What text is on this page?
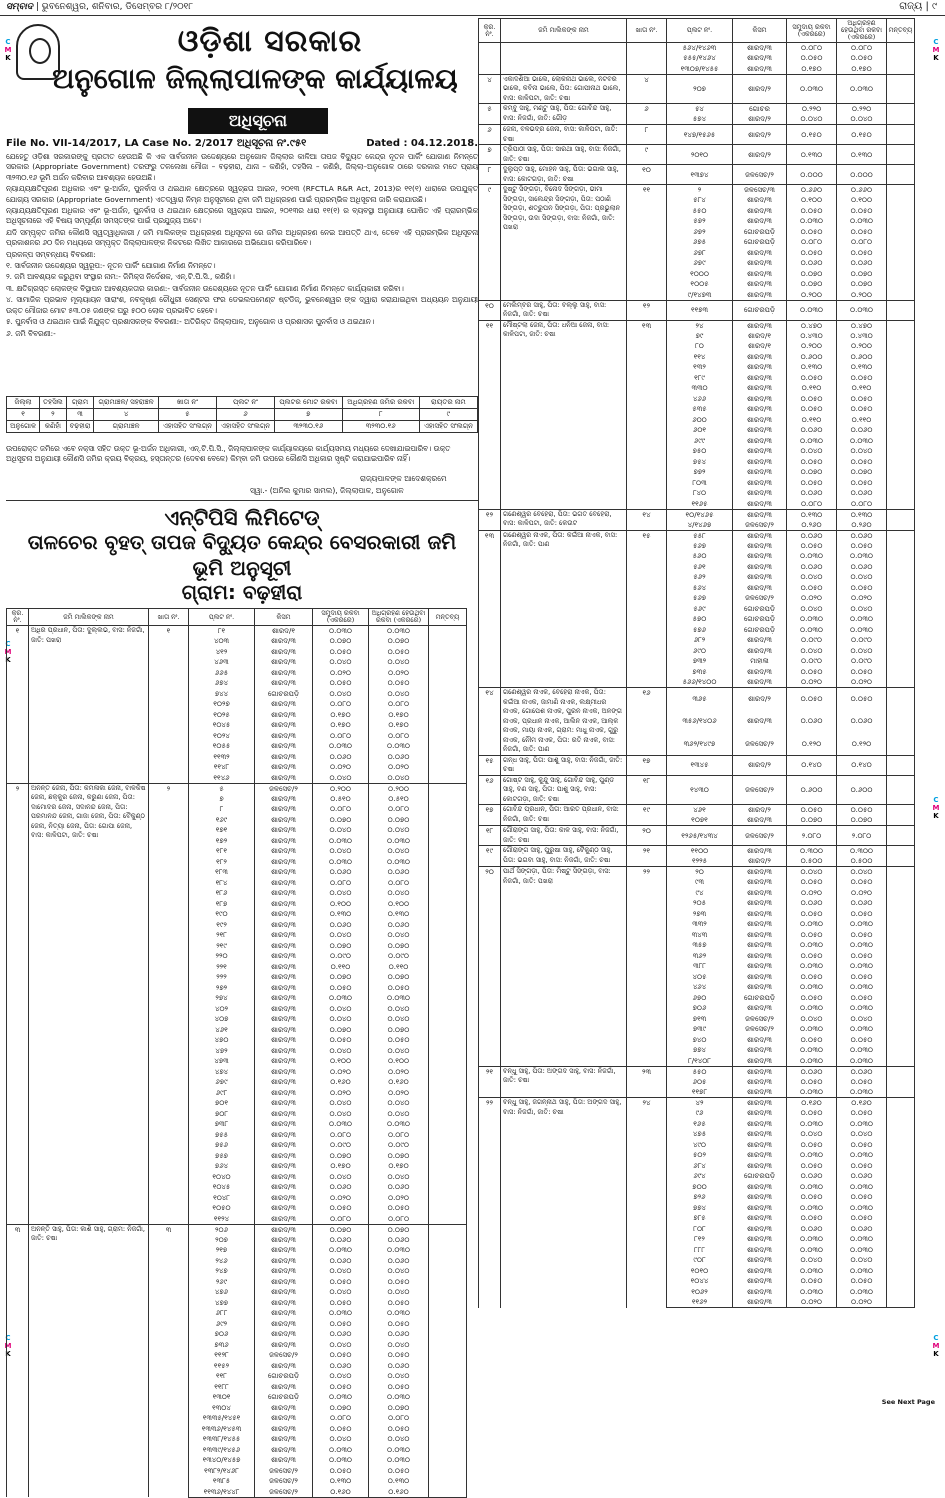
ସମ୍ବାଦ | ଭୁବନେଶ୍ୱର, ଶନିବାର, ଡିସେମ୍ବର ୮/୨୦୧୮	ରାଜ୍ୟ | ୯
C
M
K
C
M
K
C
M
K
C
M
K
C
M
K
C
M
K
ଓଡ଼ିଶା ସରକାର
ଅନୁଗୋଳ ଜିଲ୍ଲାପାଳଙ୍କ କାର୍ଯ୍ୟାଳୟ
ଅଧିସୂଚନା
File No. VII-14/2017, LA Case No. 2/2017 ଅଧିସୂଚନା ନଂ.୯୫୧	Dated : 04.12.2018.

ଯେହେତୁ ଓଡ଼ିଶା ସରକାରଙ୍କୁ ପ୍ରତୀତ ହେଉଅଛି କି ଏକ ସାର୍ବଜନୀନ ଉଦ୍ଦେଶ୍ୟରେ ଅନୁଗୋଳ ଜିଲ୍ଲାର କାଳିଆ ତାପଜ ବିଦ୍ୟୁତ କେନ୍ଦ୍ର ନୂତନ ପାର୍କିଂ ଯୋଗାଣ ନିମନ୍ତେ ସରକାର (Appropriate Government) ତରଫରୁ ତଳଲେଖା ମୌଜା – ବଢ଼ହୀରା, ଥାନା – କଣିହାଁ, ତହସିଲ – କଣିହାଁ, ଜିଲ୍ଲା–ଅନୁଗୋଳ ଠାରେ ଦରକାର ମତେ ପ୍ରାୟ ୩୨୩୦.୧୬ ଭୂମି ଅର୍ଜନ କରିବାର ଆବଶ୍ୟକ ହେଉଅଛି।

ନ୍ୟାଯ୍ୟକ୍ଷତିପୂରଣ ଅଧିକାର ଏବଂ ଭୂ-ଅର୍ଜନ, ପୁନର୍ବାସ ଓ ଥଇଥାନ କ୍ଷେତ୍ରରେ ସ୍ୱଚ୍ଛତା ଆଇନ, ୨୦୧୩ (RFCTLA R&R Act, 2013)ର ୧୧(୧) ଧାରାରେ ଉପଯୁକ୍ତ ଯୋଗ୍ୟ ସରକାର (Appropriate Government) ଏତଦ୍ୱାରା ନିମ୍ନ ଅନୁସୂଚୀରେ ଥିବା ଜମି ଅଧିଗ୍ରହଣ ପାଇଁ ପ୍ରାରମ୍ଭିକ ଅଧିସୂଚନା ଜାରି କରାଯାଉଛି।

ନ୍ୟାଯ୍ୟକ୍ଷତିପୂରଣ ଅଧିକାର ଏବଂ ଭୂ-ଅର୍ଜନ, ପୁନର୍ବାସ ଓ ଥଇଥାନ କ୍ଷେତ୍ରରେ ସ୍ୱଚ୍ଛତା ଆଇନ, ୨୦୧୩ର ଧାରା ୧୧(୧) ର ବ୍ୟବସ୍ଥା ଅନୁଯାୟୀ ଘୋଷିତ ଏହି ପ୍ରାରମ୍ଭିକ ଅଧିସୂଚନାରେ ଏହି ବିଷୟ ସମ୍ପୂର୍ଣ୍ଣ ସମସ୍ତଙ୍କ ପାଇଁ ପ୍ରଯୁଜ୍ୟ ଅଟେ।

ଯଦି ସମ୍ପୃକ୍ତ ଜମିର କୌଣସି ସ୍ୱତ୍ୱାଧିକାରୀ / ଜମି ମାଲିକଙ୍କ ଅଧିଗ୍ରହଣ ଅଧିସୂଚନା ରେ ଜମିର ଅଧିଗ୍ରହଣ ନେଇ ଆପତ୍ତି ଥାଏ, ତେବେ ଏହି ପ୍ରାରମ୍ଭିକ ଅଧିସୂଚନା ପ୍ରକାଶନର ୬୦ ଦିନ ମଧ୍ୟରେ ସମ୍ପୃକ୍ତ ଜିଲ୍ଲାପାଳଙ୍କ ନିକଟରେ ଲିଖିତ ଆକାରରେ ଅଭିଯୋଗ କରିପାରିବେ।

ପ୍ରକଳ୍ପ ସମ୍ବନ୍ଧୀୟ ବିବରଣୀ:

୧. ସାର୍ବଜନୀନ ଉଦ୍ଦେଶ୍ୟର ସ୍ୱରୂପ:- ନୂତନ ପାର୍କିଂ ଯୋଗାଣ ନିର୍ମାଣ ନିମନ୍ତେ।

୨. ଜମି ଆବଶ୍ୟକ କରୁଥିବା ସଂସ୍ଥାର ନାମ:- ଜିମିକ୍ସ ନିର୍ଦେଶକ, ଏନ୍.ଟି.ପି.ସି., କଣିହାଁ।

୩. କ୍ଷତିଗ୍ରସ୍ତ ଲୋକଙ୍କ ବିସ୍ଥାପନ ଆବଶ୍ୟକତାର କାରଣ:- ସାର୍ବଜନୀନ ଉଦ୍ଦେଶ୍ୟରେ ନୂତନ ପାର୍କିଂ ଯୋଗାଣ ନିର୍ମାଣ ନିମନ୍ତେ କାର୍ଯ୍ୟକାରୀ କରିବା।

୪. ସାମାଜିକ ପ୍ରଭାବ ମୂଲ୍ୟାୟନ ସାରାଂଶ, ନବକୃଷ୍ଣ ଚୌଧୁରୀ ସେଣ୍ଟର ଫର ଡେଭଲପମେଣ୍ଟ ଷ୍ଟଡିଜ୍, ଭୁବନେଶ୍ୱର ଙ୍କ ଦ୍ୱାରା କରାଯାଇଥିବା ଅଧ୍ୟୟନ ଅନୁଯାୟୀ ଉକ୍ତ ମୌଜାର ମୋଟ ୫୩.୦୫ ଜଣଙ୍କ ଘରୁ ୫୦୦ ଲୋକ ପ୍ରଭାବିତ ହେବେ।

୫. ପୁନର୍ବାସ ଓ ଥଇଥାନ ପାଇଁ ନିଯୁକ୍ତ ପ୍ରଶାସକଙ୍କ ବିବରଣୀ:- ଅତିରିକ୍ତ ଜିଲ୍ଲାପାଳ, ଅନୁଗୋଳ ଓ ପ୍ରଶାସକ ପୁନର୍ବାସ ଓ ଥଇଥାନ।

୬. ଜମି ବିବରଣୀ:-

ଜିଲ୍ଲା	ତହସିଲ	ଗ୍ରାମ	ଗ୍ରାମାଞ୍ଚଳ/ ସହରାଞ୍ଚଳ	ଖାତା ନଂ	ପ୍ଲଟ ନଂ	ପ୍ଲଟର ମୋଟ ରକବା	ଅଧିଗ୍ରହଣ ଜମିର ରକବା	ରାୟତର ନାମ
୧	୨	୩	୪	୫	୬	୭	୮	୯
ଅନୁଗୋଳ	କଣିହାଁ	ବଢ଼ହୀରା	ଗ୍ରାମାଞ୍ଚଳ	ଏହାସହିତ ସଂଲଗ୍ନ	ଏହାସହିତ ସଂଲଗ୍ନ	୩୨୩୦.୧୬	୩୨୩୦.୧୬	ଏହାସହିତ ସଂଲଗ୍ନ
ଉପରୋକ୍ତ ଜମିରେ ଏବେ ନକ୍ସା ସହିତ ଉକ୍ତ ଭୂ-ଅର୍ଜନ ଅଧିକାରୀ, ଏନ୍.ଟି.ପି.ସି., ଜିଲ୍ଲାପାଳଙ୍କ କାର୍ଯ୍ୟାଳୟରେ କାର୍ଯ୍ୟସମୟ ମଧ୍ୟରେ ଦେଖାଯାଇପାରିବ। ଉକ୍ତ ଅଧିସୂଚନା ଅନୁଯାୟୀ କୌଣସି ଜମିର କ୍ରୟ ବିକ୍ରୟ, ହସ୍ତାନ୍ତର (ଦେବଶ ବେଳେ) କିମ୍ବା ଜମି ଉପରେ କୌଣସି ଅଧିକାର ସୃଷ୍ଟି କରାଯାଇପାରିବ ନାହିଁ।
ରାଜ୍ୟପାଳଙ୍କ ଆଦେଶକ୍ରମେ
ସ୍ୱା.- (ଅନିଲ କୁମାର ସାମଲ), ଜିଲ୍ଲାପାଳ, ଅନୁଗୋଳ
ଏନ୍ଟିପିସି ଲିମିଟେଡ୍
ତାଳଚେର ବୃହତ୍ ତାପଜ ବିଦ୍ୟୁତ କେନ୍ଦ୍ର ବେସରକାରୀ ଜମି
ଭୂମି ଅନୁସୂଚୀ
ଗ୍ରାମ: ବଢ଼ହୀରା
କ୍ର. ନଂ.	ଜମି ମାଲିକଙ୍କ ନାମ	ଖାତା ନଂ.	ପ୍ଲଟ ନଂ.	କିସମ	ସମୁଦାୟ ରକବା (ଏକରରେ)	ଅଧିଗ୍ରହଣ ହେଉଥିବା ରକବା (ଏକରରେ)	ମନ୍ତବ୍ୟ
୧	ଅଧିର ପ୍ରଧାନ, ପିତା: ଦୁଲ୍ଲଭ, ବାସ: ନିଜଗାଁ, ଜାତି: ପଖରା	୧	୮୧	ଶାରଦ/୧	୦.୦୩୦	୦.୦୩୦	
			୪୦୩	ଶାରଦ/୩	୦.୦୭୦	୦.୦୭୦	
			୪୧୨	ଶାରଦ/୩	୦.୦୫୦	୦.୦୫୦	
			୪୬୩	ଶାରଦ/୩	୦.୦୪୦	୦.୦୪୦	
			୬୬୫	ଶାରଦ/୩	୦.୦୨୦	୦.୦୨୦	
			୬୭୪	ଶାରଦ/୩	୦.୦୫୦	୦.୦୫୦	
			୭୪୪	ଗୋଚରପଡ଼ି	୦.୦୪୦	୦.୦୪୦	
			୧୦୨୭	ଶାରଦ/୩	୦.୦୮୦	୦.୦୮୦	
			୧୦୨୫	ଶାରଦ/୩	୦.୧୭୦	୦.୧୭୦	
			୧୦୪୫	ଶାରଦ/୩	୦.୧୭୦	୦.୧୭୦	
			୧୦୨୪	ଶାରଦ/୩	୦.୦୮୦	୦.୦୮୦	
			୧୦୫୫	ଶାରଦ/୩	୦.୦୩୦	୦.୦୩୦	
			୧୧୩୨	ଶାରଦ/୩	୦.୦୬୦	୦.୦୬୦	
			୧୧୪୮	ଶାରଦ/୩	୦.୦୨୦	୦.୦୨୦	
			୧୧୪୬	ଶାରଦ/୩	୦.୦୪୦	୦.୦୪୦	
୨	ଅନନ୍ତ ଜେନା, ପିତା: କମଳାକା ଜେନା, ବାଳକିଷ ଜେନା, ଛକ୍କୁର ଜେନା, କରୁଣା ଜେନା, ପିତା: ଦାମୋଦର ଜେନା, ସଦାନନ୍ଦ ଜେନା, ପିତା: ପରମାନନ୍ଦ ଜେନା, ଗାଜା ଜେନା, ପିତା: ବୈକୁଣ୍ଠ ଜେନା, ନିତ୍ୟା ଜେନା, ପିତା: ଗୋପା ଜେନା, ବାସ: କାଳିପଟା, ଜାତି: ଚଷା	୨	୫	ଜଳସେଚ/୨	୦.୨୦୦	୦.୨୦୦	
			୭	ଶାରଦ/୩	୦.୫୧୦	୦.୫୧୦	
			୮	ଶାରଦ/୩	୦.୦୮୦	୦.୦୮୦	
			୧୬୯	ଶାରଦ/୩	୦.୦୭୦	୦.୦୭୦	
			୧୭୧	ଶାରଦ/୩	୦.୦୪୦	୦.୦୪୦	
			୧୭୨	ଶାରଦ/୩	୦.୦୩୦	୦.୦୩୦	
			୧୮୧	ଶାରଦ/୩	୦.୦୪୦	୦.୦୪୦	
			୧୮୨	ଶାରଦ/୩	୦.୦୩୦	୦.୦୩୦	
			୧୮୩	ଶାରଦ/୩	୦.୦୬୦	୦.୦୬୦	
			୧୮୪	ଶାରଦ/୩	୦.୦୮୦	୦.୦୮୦	
			୧୮୬	ଶାରଦ/୩	୦.୦୪୦	୦.୦୪୦	
			୧୮୭	ଶାରଦ/୩	୦.୧୦୦	୦.୧୦୦	
			୧୯୦	ଶାରଦ/୩	୦.୧୩୦	୦.୧୩୦	
			୧୯୨	ଶାରଦ/୩	୦.୦୬୦	୦.୦୬୦	
			୨୧୮	ଶାରଦ/୩	୦.୦୪୦	୦.୦୪୦	
			୨୧୯	ଶାରଦ/୩	୦.୦୭୦	୦.୦୭୦	
			୨୨୦	ଶାରଦ/୩	୦.୦୯୦	୦.୦୯୦	
			୨୨୧	ଶାରଦ/୩	୦.୧୧୦	୦.୧୧୦	
			୨୨୨	ଶାରଦ/୩	୦.୦୭୦	୦.୦୭୦	
			୨୭୨	ଶାରଦ/୩	୦.୦୫୦	୦.୦୫୦	
			୨୭୪	ଶାରଦ/୩	୦.୦୩୦	୦.୦୩୦	
			୪୦୨	ଶାରଦ/୩	୦.୦୪୦	୦.୦୪୦	
			୪୦୭	ଶାରଦ/୩	୦.୦୪୦	୦.୦୪୦	
			୪୬୧	ଶାରଦ/୩	୦.୦୭୦	୦.୦୭୦	
			୪୭୦	ଶାରଦ/୩	୦.୦୫୦	୦.୦୫୦	
			୪୭୨	ଶାରଦ/୩	୦.୦୪୦	୦.୦୪୦	
			୪୭୩	ଶାରଦ/୩	୦.୧୦୦	୦.୧୦୦	
			୪୭୪	ଶାରଦ/୩	୦.୦୨୦	୦.୦୨୦	
			୬୭୯	ଶାରଦ/୩	୦.୧୬୦	୦.୧୬୦	
			୬୯୮	ଶାରଦ/୩	୦.୦୨୦	୦.୦୨୦	
			୭୦୧	ଶାରଦ/୩	୦.୦୪୦	୦.୦୪୦	
			୭୦୮	ଶାରଦ/୩	୦.୦୪୦	୦.୦୪୦	
			୭୩୮	ଶାରଦ/୩	୦.୦୩୦	୦.୦୩୦	
			୭୫୫	ଶାରଦ/୩	୦.୦୮୦	୦.୦୮୦	
			୭୫୬	ଶାରଦ/୩	୦.୦୯୦	୦.୦୯୦	
			୭୫୭	ଶାରଦ/୩	୦.୦୭୦	୦.୦୭୦	
			୭୬୪	ଶାରଦ/୩	୦.୧୭୦	୦.୧୭୦	
			୧୦୪୦	ଶାରଦ/୩	୦.୦୪୦	୦.୦୪୦	
			୧୦୪୫	ଶାରଦ/୩	୦.୦୬୦	୦.୦୬୦	
			୧୦୪୮	ଶାରଦ/୩	୦.୦୨୦	୦.୦୨୦	
			୧୦୫୦	ଶାରଦ/୩	୦.୦୫୦	୦.୦୫୦	
			୧୧୨୪	ଶାରଦ/୩	୦.୦୮୦	୦.୦୮୦	
୩	ଅନନ୍ତି ସାହୁ, ପିତା: କାଶି ସାହୁ, ଗ୍ରାମ: ନିଜଗାଁ, ଜାତି: ଚଷା	୩	୨୦୬	ଶାରଦ/୩	୦.୦୭୦	୦.୦୭୦	
			୨୦୭	ଶାରଦ/୩	୦.୦୬୦	୦.୦୬୦	
			୨୧୭	ଶାରଦ/୩	୦.୦୩୦	୦.୦୩୦	
			୨୪୬	ଶାରଦ/୩	୦.୦୬୦	୦.୦୬୦	
			୨୪୭	ଶାରଦ/୩	୦.୦୪୦	୦.୦୪୦	
			୨୬୯	ଶାରଦ/୩	୦.୦୫୦	୦.୦୫୦	
			୪୭୬	ଶାରଦ/୩	୦.୦୪୦	୦.୦୪୦	
			୪୭୭	ଶାରଦ/୩	୦.୦୫୦	୦.୦୫୦	
			୬୮୮	ଶାରଦ/୩	୦.୦୩୦	୦.୦୩୦	
			୬୯୨	ଶାରଦ/୩	୦.୦୫୦	୦.୦୫୦	
			୭୦୬	ଶାରଦ/୩	୦.୦୬୦	୦.୦୬୦	
			୭୩୬	ଶାରଦ/୩	୦.୦୪୦	୦.୦୪୦	
			୧୧୨୮	ଜଳସେଚ/୨	୦.୦୫୦	୦.୦୫୦	
			୧୧୫୨	ଶାରଦ/୩	୦.୦୬୦	୦.୦୬୦	
			୧୧୮	ଗୋଚରପଡ଼ି	୦.୦୪୦	୦.୦୪୦	
			୧୧୮୮	ଶାରଦ/୩	୦.୦୫୦	୦.୦୫୦	
			୧୩୦୧	ଗୋଚରପଡ଼ି	୦.୦୩୦	୦.୦୩୦	
			୧୩୦୪	ଶାରଦ/୩	୦.୦୭୦	୦.୦୭୦	
			୧୩୩୫/୧୪୫୧	ଶାରଦ/୩	୦.୦୮୦	୦.୦୮୦	
			୧୩୩୬/୧୪୫୩	ଶାରଦ/୩	୦.୦୫୦	୦.୦୫୦	
			୧୩୩୮/୧୪୫୫	ଶାରଦ/୩	୦.୦୪୦	୦.୦୪୦	
			୧୩୩୯/୧୪୫୬	ଶାରଦ/୩	୦.୦୩୦	୦.୦୩୦	
			୧୩୪୦/୧୪୫୭	ଶାରଦ/୩	୦.୦୩୦	୦.୦୩୦	
			୧୩୮୨/୧୪୬୮	ଜଳସେଚ/୨	୦.୦୫୦	୦.୦୫୦	
			୧୩୮୫	ଜଳସେଚ/୨	୦.୧୩୦	୦.୧୩୦	
			୧୧୩୬/୧୪୪୮	ଜଳସେଚ/୨	୦.୧୬୦	୦.୧୬୦	
କ୍ର. ନଂ.	ଜମି ମାଲିକଙ୍କ ନାମ	ଖାତା ନଂ.	ପ୍ଲଟ ନଂ.	କିସମ	ସମୁଦାୟ ରକବା (ଏକରରେ)	ଅଧିଗ୍ରହଣ ହେଉଥିବା ରକବା (ଏକରରେ)	ମନ୍ତବ୍ୟ
			୫୬୪/୧୪୬୩	ଶାରଦ/୩	୦.୦୮୦	୦.୦୮୦	
			୫୫୫/୧୪୬୪	ଶାରଦ/୩	୦.୦୫୦	୦.୦୫୦	
			୧୩୦୭/୧୪୫୫	ଶାରଦ/୩	୦.୧୭୦	୦.୧୭୦	
୪	ଏକାଦଶିଆ ଭାଲେ, ଲୋକନାଥ ଭାଲେ, ନଟବର ଭାଲେ, କବିନା ଭାଲେ, ପିତା: ଗୋପୀନାଥ ଭାଲେ, ବାସ: କାଳିପଟା, ଜାତି: ଚଷା	୪	୨୦୭	ଶାରଦ/୨	୦.୦୩୦	୦.୦୩୦	
୫	କମ୍ବୁ ସାହୁ, ମଣ୍ଟୁ ସାହୁ, ପିତା: ଗୋବିନ୍ଦ ସାହୁ, ବାସ: ନିଜଗାଁ, ଜାତି: ଗୌଡ଼	୬	୫୪	ଗୋଚର	୦.୨୨୦	୦.୨୨୦	
			୫୭୪	ଶାରଦ/୨	୦.୦୪୦	୦.୦୪୦	
୬	ଜେନା, ବଳଭଦ୍ର ଜେନା, ବାସ: କାଳିପଟା, ଜାତି: ଚଷା	୮	୧୪୭/୧୫୬୫	ଶାରଦ/୨	୦.୧୫୦	୦.୧୫୦	
୭	ତ୍ରିପାଠୀ ସାହୁ, ପିତା: ସାରଥା ସାହୁ, ବାସ: ନିଜଗାଁ, ଜାତି: ଚଷା	୯	୨୦୧୦	ଶାରଦ/୨	୦.୧୩୦	୦.୧୩୦	
୮	ଦୁଲୁପ୍ତ ସାହୁ, ମୋହନ ସାହୁ, ପିତା: ଭଗାଲ ସାହୁ, ବାସ: କୋଟଗଡ଼ା, ଜାତି: ଚଷା	୧୦	୧୩୭୪	ଜଳସେଚ/୨	୦.୦୦୦	୦.୦୦୦	
୯	ଦୁଷ୍ଟୁ ସିଙ୍ଗଡ଼ା, ବିନୋଦ ସିଙ୍ଗଡ଼ା, ଭୀମା ସିଙ୍ଗଡ଼ା, ସାଲେନ୍ଦ୍ର ସିଙ୍ଗଡ଼ା, ପିତା: ପଠାଣି ସିଙ୍ଗଡ଼ା, ଶତ୍ରୁଘନ ସିଙ୍ଗଡ଼ା, ପିତା: ପ୍ରଭୁଲାନ ସିଙ୍ଗଡ଼ା, ଉଦା ସିଙ୍ଗଡ଼ା, ବାସ: ନିଜଗାଁ, ଜାତି: ପଖରା	୧୧	୨	ଜଳସେଚ/୩	୦.୬୬୦	୦.୬୬୦	
			୫୮୪	ଶାରଦ/୩	୦.୧୦୦	୦.୧୦୦	
			୫୫୦	ଶାରଦ/୩	୦.୦୫୦	୦.୦୫୦	
			୫୭୨	ଶାରଦ/୩	୦.୦୩୦	୦.୦୩୦	
			୬୭୨	ଗୋଚରପଡ଼ି	୦.୦୫୦	୦.୦୫୦	
			୬୭୫	ଗୋଚରପଡ଼ି	୦.୦୮୦	୦.୦୮୦	
			୬୭୮	ଶାରଦ/୩	୦.୦୫୦	୦.୦୫୦	
			୬୭୯	ଶାରଦ/୩	୦.୦୬୦	୦.୦୬୦	
			୧୦୦୦	ଶାରଦ/୩	୦.୦୭୦	୦.୦୭୦	
			୧୦୦୫	ଶାରଦ/୩	୦.୦୭୦	୦.୦୭୦	
			୯/୧୪୭୩	ଶାରଦ/୩	୦.୨୦୦	୦.୨୦୦	
୧୦	ମେଲିମ୍ବର ସାହୁ, ପିତା: ବଲ୍ଲୁ ସାହୁ, ବାସ: ନିଜଗାଁ, ଜାତି: ଚଷା	୧୨	୧୧୭୩	ଗୋଚରପଡ଼ି	୦.୦୩୦	୦.୦୩୦	
୧୧	ମୌଷ୍ଟଲା ଜେନା, ପିତା: ଧନିଆ ଜେନା, ବାସ: କାଳିପଟା, ଜାତି: ଚଷା	୧୩	୨୪	ଶାରଦ/୩	୦.୪୭୦	୦.୪୭୦	
			୭୯	ଶାରଦ/୧	୦.୪୩୦	୦.୪୩୦	
			୮୦	ଶାରଦ/୧	୦.୨୦୦	୦.୨୦୦	
			୧୧୪	ଶାରଦ/୩	୦.୬୦୦	୦.୬୦୦	
			୧୩୨	ଶାରଦ/୩	୦.୧୩୦	୦.୧୩୦	
			୧୮୯	ଶାରଦ/୩	୦.୦୫୦	୦.୦୫୦	
			୩୩୦	ଶାରଦ/୩	୦.୧୧୦	୦.୧୧୦	
			୪୬୬	ଶାରଦ/୩	୦.୦୫୦	୦.୦୫୦	
			୫୩୫	ଶାରଦ/୩	୦.୦୫୦	୦.୦୫୦	
			୬୦୦	ଶାରଦ/୩	୦.୧୧୦	୦.୧୧୦	
			୬୦୧	ଶାରଦ/୩	୦.୦୬୦	୦.୦୬୦	
			୬୯୯	ଶାରଦ/୩	୦.୦୩୦	୦.୦୩୦	
			୭୫୦	ଶାରଦ/୩	୦.୦୪୦	୦.୦୪୦	
			୭୫୪	ଶାରଦ/୩	୦.୦୫୦	୦.୦୫୦	
			୭୭୨	ଶାରଦ/୩	୦.୦୭୦	୦.୦୭୦	
			୮୦୩	ଶାରଦ/୩	୦.୦୫୦	୦.୦୫୦	
			୮୪୦	ଶାରଦ/୩	୦.୦୬୦	୦.୦୬୦	
			୧୧୬୫	ଶାରଦ/୩	୦.୦୮୦	୦.୦୮୦	
୧୨	ଗଣେଶ୍ୱର ବେହେରା, ପିତା: ଭଗତ ବେହେରା, ବାସ: କାଳିପଟା, ଜାତି: କେଉଟ	୧୪	୧୦/୧୪୬୫	ଶାରଦ/୩	୦.୧୩୦	୦.୧୩୦	
			୪/୧୪୬୭	ଜଳସେଚ/୨	୦.୨୬୦	୦.୨୬୦	
୧୩	ଗଣେଶ୍ୱର ନାଏକ, ପିତା: କଇଁଆ ନାଏକ, ବାସ: ନିଜଗାଁ, ଜାତି: ପାଣ	୧୫	୫୫୮	ଶାରଦ/୩	୦.୦୬୦	୦.୦୬୦	
			୫୬୭	ଶାରଦ/୩	୦.୦୫୦	୦.୦୫୦	
			୫୬୦	ଶାରଦ/୩	୦.୦୩୦	୦.୦୩୦	
			୫୬୧	ଶାରଦ/୩	୦.୦୬୦	୦.୦୬୦	
			୫୬୨	ଶାରଦ/୩	୦.୦୪୦	୦.୦୪୦	
			୫୬୪	ଶାରଦ/୩	୦.୦୫୦	୦.୦୫୦	
			୫୬୭	ଜଳସେଚ/୨	୦.୦୨୦	୦.୦୨୦	
			୫୬୯	ଗୋଚରପଡ଼ି	୦.୦୪୦	୦.୦୪୦	
			୫୭୦	ଗୋଚରପଡ଼ି	୦.୦୩୦	୦.୦୩୦	
			୫୭୬	ଗୋଚରପଡ଼ି	୦.୦୩୦	୦.୦୩୦	
			୬୮୨	ଶାରଦ/୩	୦.୦୯୦	୦.୦୯୦	
			୬୯୦	ଶାରଦ/୩	୦.୦୪୦	୦.୦୪୦	
			୭୩୨	ମାହାଳା	୦.୦୯୦	୦.୦୯୦	
			୭୩୫	ଶାରଦ/୩	୦.୦୫୦	୦.୦୫୦	
			୫୬୬/୧୪୦୦	ଶାରଦ/୩	୦.୦୨୦	୦.୦୨୦	
୧୪	ଗଣେଶ୍ୱର ନାଏକ, ବେହେରା ନାଏକ, ପିତା: କଇଁଆ ନାଏକ, ଜାମାଣି ନାଏକ, ଲକ୍ଷ୍ମୀଧର ନାଏକ, ଗୋପେଶ ନାଏକ, ପୁରନ ନାଏକ, ଅନଙ୍ଗ ନାଏକ, ପ୍ରଧାନ ନାଏକ, ଆଲିନ ନାଏକ, ଆଲ୍କ ନାଏକ, ମାୟା ନାଏକ, ଗ୍ରାମ: ମାଧୁ ନାଏକ, ଗୁରୁ ନାଏକ, ନୌମ ନାଏକ, ପିତା: ରତି ନାଏକ, ବାସ: ନିଜଗାଁ, ଜାତି: ପାଣ	୧୬	୩୬୫	ଶାରଦ/୨	୦.୦୫୦	୦.୦୫୦	
			୩୫୬/୧୪୦୬	ଶାରଦ/୩	୦.୦୬୦	୦.୦୬୦	
			୩୬୨/୧୪୯୭	ଜଳସେଚ/୨	୦.୧୨୦	୦.୧୨୦	
୧୫	ଗନ୍ଧ ସାହୁ, ପିତା: ପାଶୁ ସାହୁ, ବାସ: ନିଜଗାଁ, ଜାତି: ଚଷା	୧୭	୧୩୪୫	ଶାରଦ/୨	୦.୧୪୦	୦.୧୪୦	
୧୬	ଗୋଷ୍ଟ ସାହୁ, କୁନ୍ଦୁ ସାହୁ, ଗୋବିନ୍ଦ ସାହୁ, ପୁଣ୍ଡ ସାହୁ, ବଣ ସାହୁ, ପିତା: ପାଶୁ ସାହୁ, ବାସ: କୋଟଗଡ଼ା, ଜାତି: ଚଷା	୧୮	୧୪୩୦	ଜଳସେଚ/୨	୦.୬୦୦	୦.୬୦୦	
୧୭	ଗୋବିନ୍ଦ ପ୍ରଧାନ, ପିତା: ଆରତ ପ୍ରଧାନ, ବାସ: ନିଜଗାଁ, ଜାତି: ଚଷା	୧୯	୪୬୧	ଶାରଦ/୨	୦.୦୫୦	୦.୦୫୦	
			୧୦୭୧	ଶାରଦ/୩	୦.୦୭୦	୦.୦୭୦	
୧୮	ଗୌରାଙ୍ଗ ସାହୁ, ପିତା: କାଳ ସାହୁ, ବାସ: ନିଜଗାଁ, ଜାତି: ଚଷା	୨୦	୧୨୬୫/୧୪୩୪	ଜଳସେଚ/୨	୨.୦୮୦	୨.୦୮୦	
୧୯	ଗୌରାଙ୍ଗ ସାହୁ, ପୁରୁଷା ସାହୁ, ବୈକୁଣ୍ଠ ସାହୁ, ପିତା: ଭଗବା ସାହୁ, ବାସ: ନିଜଗାଁ, ଜାତି: ଚଷା	୨୧	୧୧୦୦	ଶାରଦ/୩	୦.୩୦୦	୦.୩୦୦	
			୧୨୨୫	ଶାରଦ/୨	୦.୫୦୦	୦.୫୦୦	
୨୦	ପାର୍ଥ ସିଙ୍ଗଡ଼ା, ପିତା: ମିଷ୍ଟୁ ସିଙ୍ଗଡ଼ା, ବାସ: ନିଜଗାଁ, ଜାତି: ପଖରା	୨୨	୨୦	ଶାରଦ/୩	୦.୦୪୦	୦.୦୪୦	
			୯୩	ଶାରଦ/୩	୦.୦୫୦	୦.୦୫୦	
			୯୪	ଶାରଦ/୩	୦.୦୨୦	୦.୦୨୦	
			୨୦୫	ଶାରଦ/୩	୦.୦୬୦	୦.୦୬୦	
			୨୭୩	ଶାରଦ/୩	୦.୦୫୦	୦.୦୫୦	
			୩୩୨	ଶାରଦ/୩	୦.୦୩୦	୦.୦୩୦	
			୩୪୩	ଶାରଦ/୩	୦.୦୫୦	୦.୦୫୦	
			୩୫୭	ଶାରଦ/୩	୦.୦୩୦	୦.୦୩୦	
			୩୬୨	ଶାରଦ/୩	୦.୦୫୦	୦.୦୫୦	
			୩୮୮	ଶାରଦ/୩	୦.୦୩୦	୦.୦୩୦	
			୪୦୫	ଶାରଦ/୩	୦.୦୫୦	୦.୦୫୦	
			୪୬୪	ଶାରଦ/୩	୦.୦୩୦	୦.୦୩୦	
			୬୭୦	ଗୋଚରପଡ଼ି	୦.୦୫୦	୦.୦୫୦	
			୭୦୬	ଶାରଦ/୩	୦.୦୩୦	୦.୦୩୦	
			୭୧୩	ଜଳସେଚ/୨	୦.୦୪୦	୦.୦୪୦	
			୭୩୯	ଜଳସେଚ/୨	୦.୦୩୦	୦.୦୩୦	
			୭୪୦	ଶାରଦ/୩	୦.୦୫୦	୦.୦୫୦	
			୭୭୪	ଶାରଦ/୩	୦.୦୩୦	୦.୦୩୦	
			୮/୧୪୦୮	ଶାରଦ/୩	୦.୦୩୦	୦.୦୩୦	
୨୧	ବନ୍ଧୁ ସାହୁ, ପିତା: ଅଙ୍ଗଦ ସାହୁ, ବାସ: ନିଜଗାଁ, ଜାତି: ଚଷା	୨୩	୫୫୦	ଶାରଦ/୩	୦.୦୬୦	୦.୦୬୦	
			୬୦୫	ଶାରଦ/୩	୦.୦୫୦	୦.୦୫୦	
			୧୧୭୮	ଶାରଦ/୩	୦.୦୩୦	୦.୦୩୦	
୨୨	ବନ୍ଧୁ ସାହୁ, ଜଗନ୍ନାଥ ସାହୁ, ପିତା: ଅଙ୍ଗଦ ସାହୁ, ବାସ: ନିଜଗାଁ, ଜାତି: ଚଷା	୨୪	୪୨	ଶାରଦ/୩	୦.୧୬୦	୦.୧୬୦	
			୯୬	ଶାରଦ/୩	୦.୦୫୦	୦.୦୫୦	
			୧୬୫	ଶାରଦ/୩	୦.୦୩୦	୦.୦୩୦	
			୪୭୫	ଶାରଦ/୩	୦.୦୪୦	୦.୦୪୦	
			୪୯୦	ଶାରଦ/୩	୦.୦୫୦	୦.୦୫୦	
			୫୦୨	ଶାରଦ/୩	୦.୦୩୦	୦.୦୩୦	
			୬୮୪	ଶାରଦ/୩	୦.୦୫୦	୦.୦୫୦	
			୬୯୪	ଗୋଚରପଡ଼ି	୦.୦୬୦	୦.୦୬୦	
			୭୦୦	ଶାରଦ/୩	୦.୦୩୦	୦.୦୩୦	
			୭୨୬	ଶାରଦ/୩	୦.୦୫୦	୦.୦୫୦	
			୭୭୪	ଶାରଦ/୩	୦.୦୩୦	୦.୦୩୦	
			୭୮୫	ଶାରଦ/୩	୦.୦୫୦	୦.୦୫୦	
			୮୦୮	ଶାରଦ/୩	୦.୦୬୦	୦.୦୬୦	
			୮୧୨	ଶାରଦ/୩	୦.୦୩୦	୦.୦୩୦	
			୮୮୮	ଶାରଦ/୩	୦.୦୩୦	୦.୦୩୦	
			୯୦୮	ଶାରଦ/୩	୦.୦୪୦	୦.୦୪୦	
			୧୦୧୦	ଶାରଦ/୩	୦.୦୩୦	୦.୦୩୦	
			୧୦୪୪	ଶାରଦ/୩	୦.୦୫୦	୦.୦୫୦	
			୧୦୬୨	ଶାରଦ/୩	୦.୦୩୦	୦.୦୩୦	
			୧୧୬୨	ଶାରଦ/୩	୦.୦୨୦	୦.୦୨୦	
See Next Page
